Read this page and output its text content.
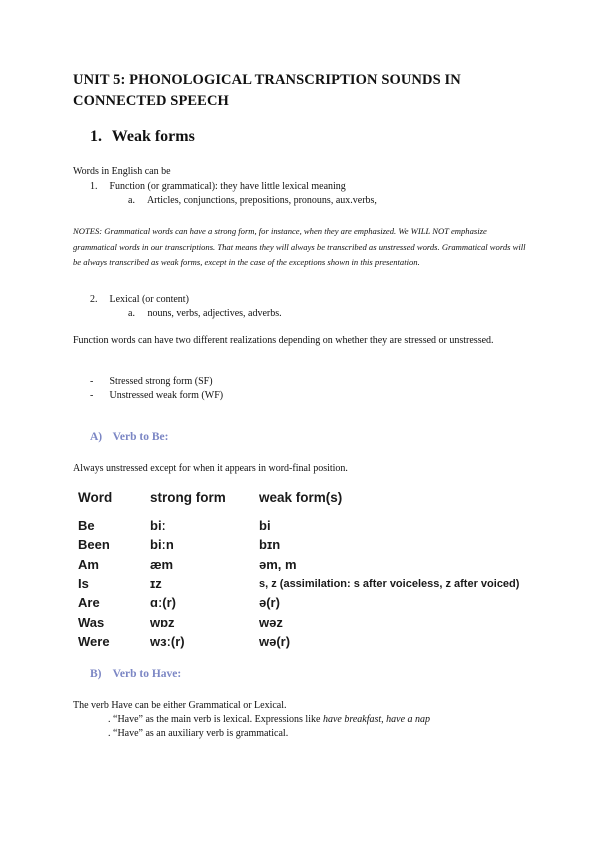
UNIT 5: PHONOLOGICAL TRANSCRIPTION SOUNDS IN CONNECTED SPEECH
1. Weak forms
Words in English can be
1. Function (or grammatical): they have little lexical meaning
a. Articles, conjunctions, prepositions, pronouns, aux.verbs,
NOTES: Grammatical words can have a strong form, for instance, when they are emphasized. We WILL NOT emphasize grammatical words in our transcriptions. That means they will always be transcribed as unstressed words. Grammatical words will be always transcribed as weak forms, except in the case of the exceptions shown in this presentation.
2. Lexical (or content)
a. nouns, verbs, adjectives, adverbs.
Function words can have two different realizations depending on whether they are stressed or unstressed.
- Stressed strong form (SF)
- Unstressed weak form (WF)
A) Verb to Be:
Always unstressed except for when it appears in word-final position.
Word	strong form	weak form(s)
Be	biː	bi
Been	biːn	bɪn
Am	æm	əm, m
Is	ɪz	s, z (assimilation: s after voiceless, z after voiced)
Are	ɑː(r)	ə(r)
Was	wɒz	wəz
Were	wɜː(r)	wə(r)
B) Verb to Have:
The verb Have can be either Grammatical or Lexical.
. “Have” as the main verb is lexical. Expressions like have breakfast, have a nap
. “Have” as an auxiliary verb is grammatical.
